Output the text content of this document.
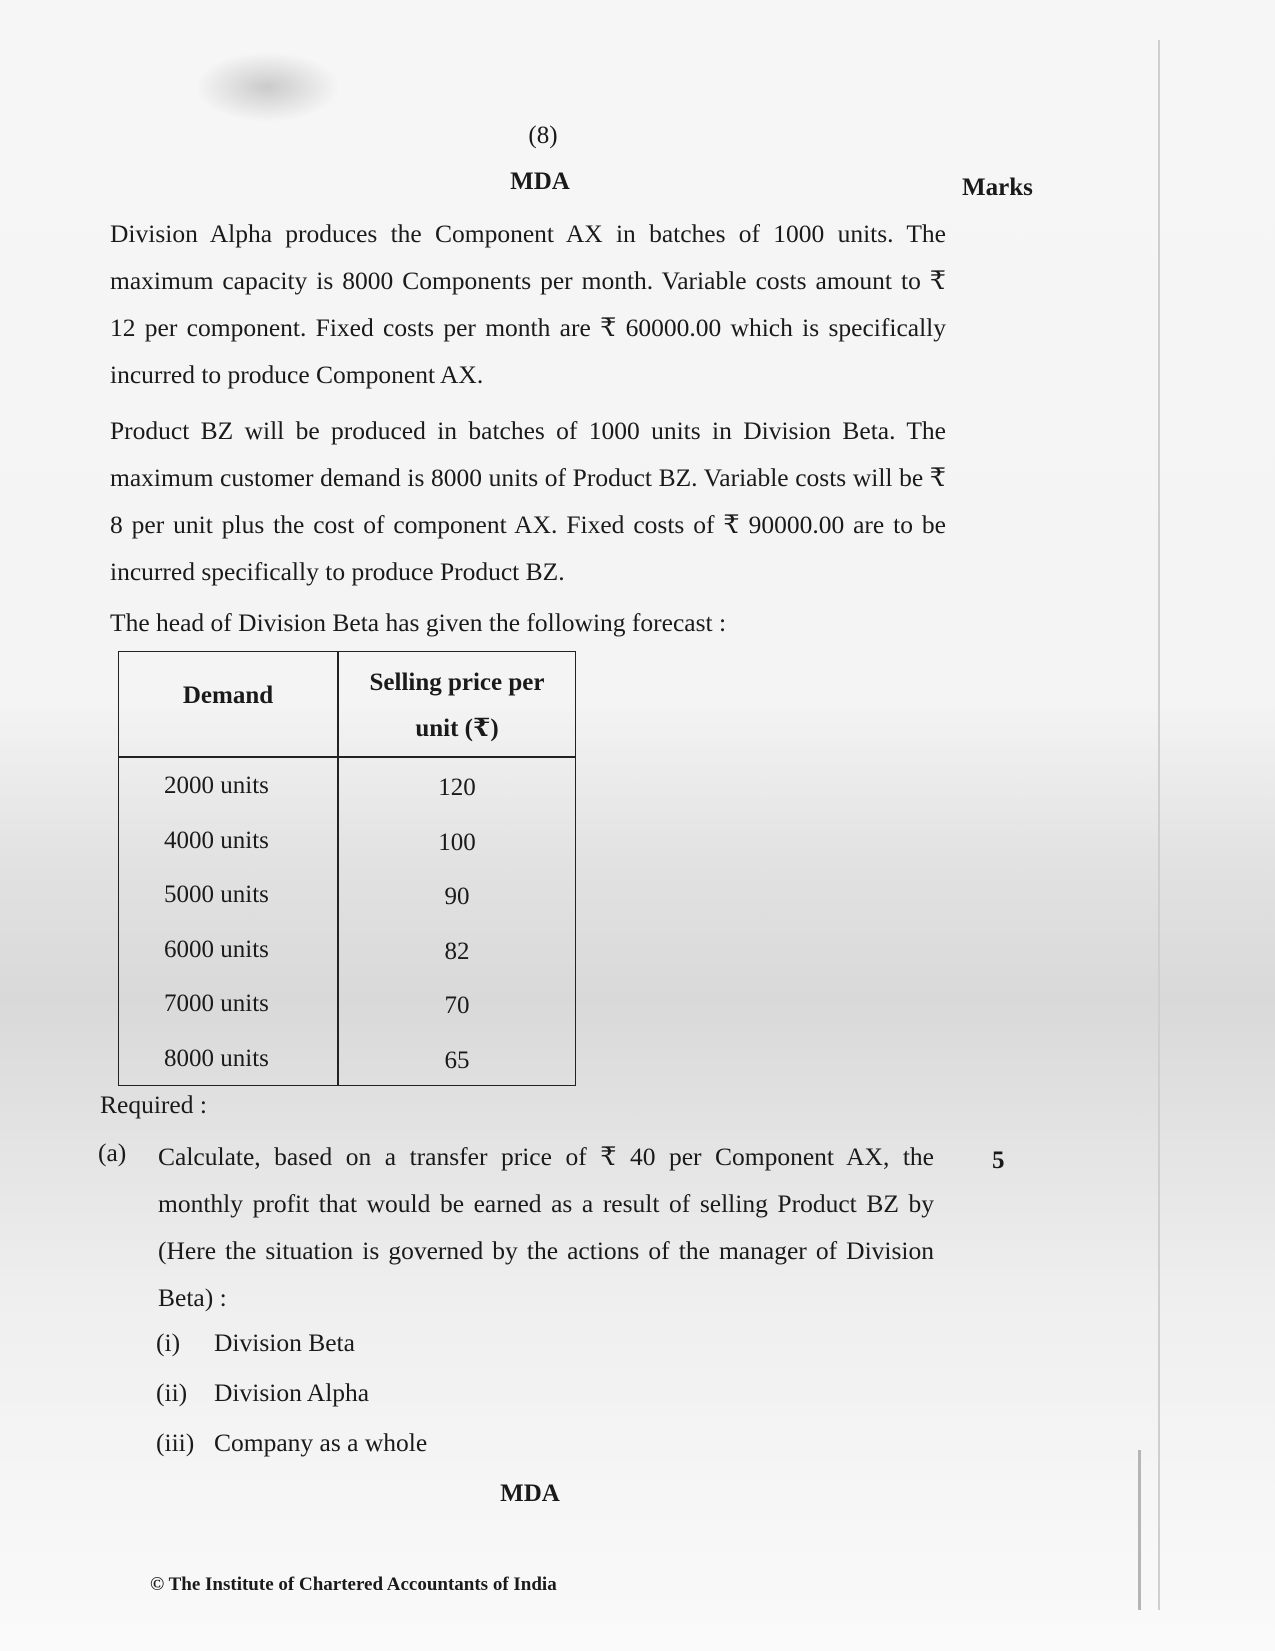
(8)
MDA	Marks
Division Alpha produces the Component AX in batches of 1000 units. The maximum capacity is 8000 Components per month. Variable costs amount to ₹ 12 per component. Fixed costs per month are ₹ 60000.00 which is specifically incurred to produce Component AX.
Product BZ will be produced in batches of 1000 units in Division Beta. The maximum customer demand is 8000 units of Product BZ. Variable costs will be ₹ 8 per unit plus the cost of component AX. Fixed costs of ₹ 90000.00 are to be incurred specifically to produce Product BZ.
The head of Division Beta has given the following forecast :
Demand	Selling price per
unit (₹)
2000 units	120
4000 units	100
5000 units	90
6000 units	82
7000 units	70
8000 units	65
Required :
(a) Calculate, based on a transfer price of ₹ 40 per Component AX, the monthly profit that would be earned as a result of selling Product BZ by (Here the situation is governed by the actions of the manager of Division Beta) :
5
(i) Division Beta
(ii) Division Alpha
(iii) Company as a whole
MDA
© The Institute of Chartered Accountants of India
